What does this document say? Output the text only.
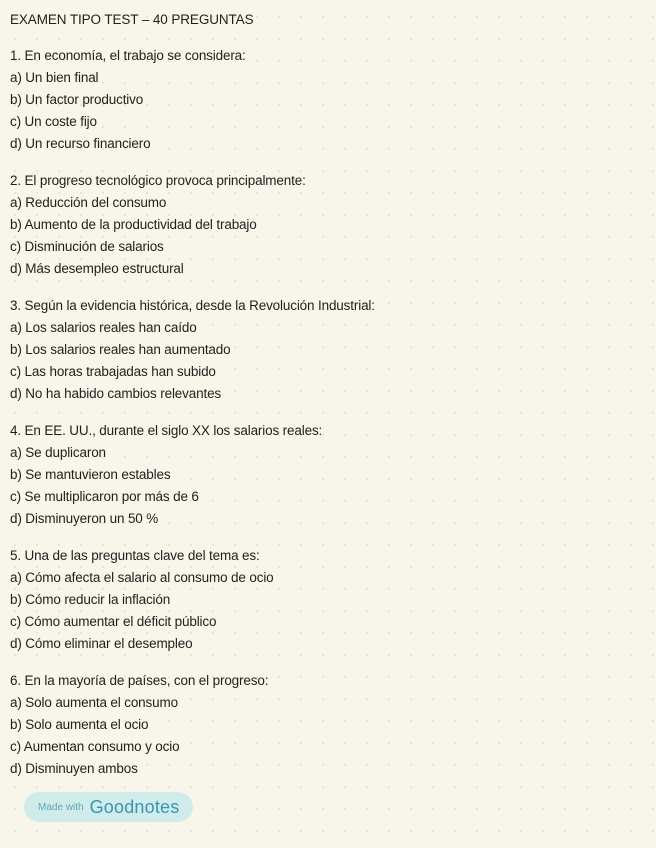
EXAMEN TIPO TEST – 40 PREGUNTAS
1. En economía, el trabajo se considera:
a) Un bien final
b) Un factor productivo
c) Un coste fijo
d) Un recurso financiero
2. El progreso tecnológico provoca principalmente:
a) Reducción del consumo
b) Aumento de la productividad del trabajo
c) Disminución de salarios
d) Más desempleo estructural
3. Según la evidencia histórica, desde la Revolución Industrial:
a) Los salarios reales han caído
b) Los salarios reales han aumentado
c) Las horas trabajadas han subido
d) No ha habido cambios relevantes
4. En EE. UU., durante el siglo XX los salarios reales:
a) Se duplicaron
b) Se mantuvieron estables
c) Se multiplicaron por más de 6
d) Disminuyeron un 50 %
5. Una de las preguntas clave del tema es:
a) Cómo afecta el salario al consumo de ocio
b) Cómo reducir la inflación
c) Cómo aumentar el déficit público
d) Cómo eliminar el desempleo
6. En la mayoría de países, con el progreso:
a) Solo aumenta el consumo
b) Solo aumenta el ocio
c) Aumentan consumo y ocio
d) Disminuyen ambos
Made with Goodnotes
